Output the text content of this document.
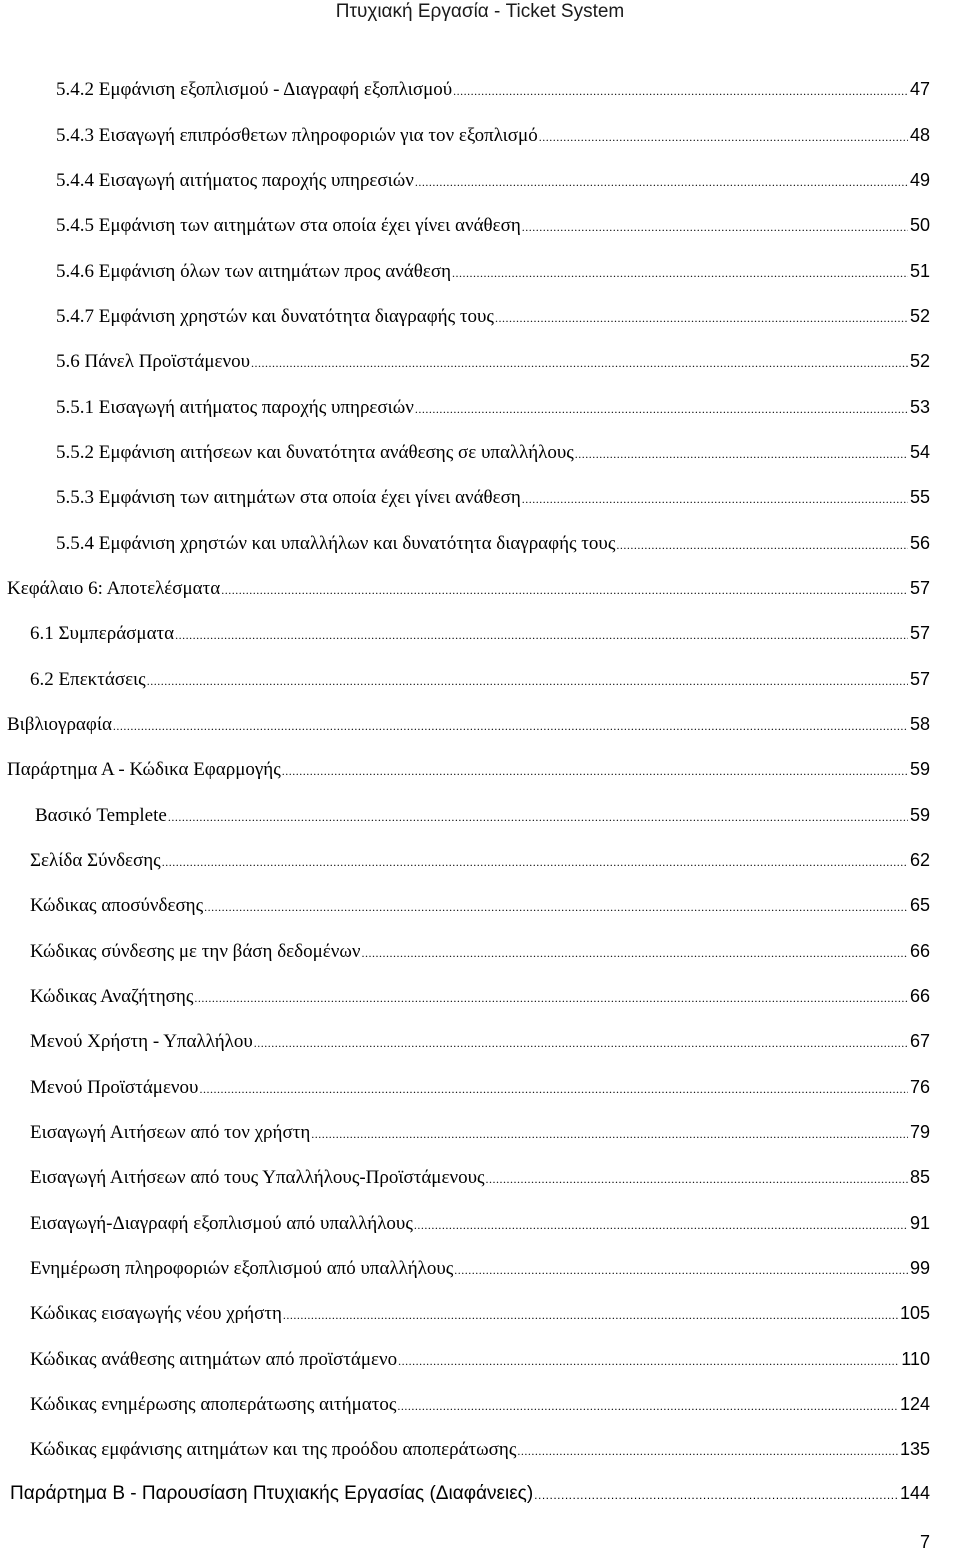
Πτυχιακή Εργασία - Ticket System
5.4.2 Εμφάνιση εξοπλισμού - Διαγραφή εξοπλισμού .....	47
5.4.3 Εισαγωγή επιπρόσθετων πληροφοριών για τον εξοπλισμό .....	48
5.4.4 Εισαγωγή αιτήματος παροχής υπηρεσιών .....	49
5.4.5 Εμφάνιση των αιτημάτων στα οποία έχει γίνει ανάθεση .....	50
5.4.6 Εμφάνιση όλων των αιτημάτων προς ανάθεση .....	51
5.4.7 Εμφάνιση χρηστών και δυνατότητα διαγραφής τους .....	52
5.6 Πάνελ Προϊστάμενου .....	52
5.5.1 Εισαγωγή αιτήματος παροχής υπηρεσιών .....	53
5.5.2 Εμφάνιση αιτήσεων και δυνατότητα ανάθεσης σε υπαλλήλους .....	54
5.5.3 Εμφάνιση των αιτημάτων στα οποία έχει γίνει ανάθεση .....	55
5.5.4 Εμφάνιση χρηστών και υπαλλήλων και δυνατότητα διαγραφής τους .....	56
Κεφάλαιο 6: Αποτελέσματα .....	57
6.1 Συμπεράσματα .....	57
6.2 Επεκτάσεις .....	57
Βιβλιογραφία .....	58
Παράρτημα Α - Κώδικα Εφαρμογής .....	59
Βασικό Templete .....	59
Σελίδα Σύνδεσης .....	62
Κώδικας αποσύνδεσης .....	65
Κώδικας σύνδεσης με την βάση δεδομένων .....	66
Κώδικας Αναζήτησης .....	66
Μενού Χρήστη - Υπαλλήλου .....	67
Μενού Προϊστάμενου .....	76
Εισαγωγή Αιτήσεων από τον χρήστη .....	79
Εισαγωγή Αιτήσεων από τους Υπαλλήλους-Προϊστάμενους .....	85
Εισαγωγή-Διαγραφή εξοπλισμού από υπαλλήλους .....	91
Ενημέρωση πληροφοριών εξοπλισμού από υπαλλήλους .....	99
Κώδικας εισαγωγής νέου χρήστη .....	105
Κώδικας ανάθεσης αιτημάτων από προϊστάμενο .....	110
Κώδικας ενημέρωσης αποπεράτωσης αιτήματος .....	124
Κώδικας εμφάνισης αιτημάτων και της προόδου αποπεράτωσης .....	135
Παράρτημα Β - Παρουσίαση Πτυχιακής Εργασίας (Διαφάνειες) .....	144
7
